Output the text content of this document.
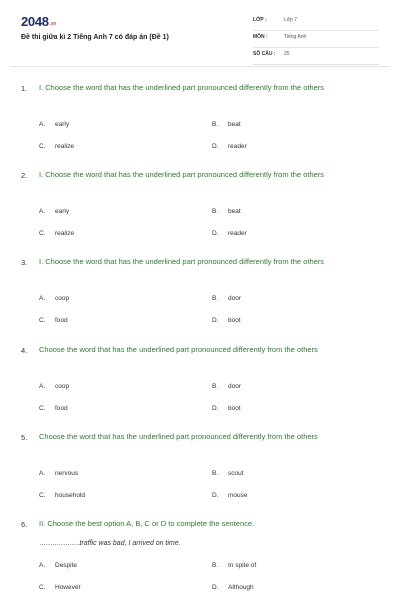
2048.vn
Đề thi giữa kì 2 Tiếng Anh 7 có đáp án (Đề 1)
LỚP :	Lớp 7
MÔN :	Tiếng Anh
SỐ CÂU : 25
1. I. Choose the word that has the underlined part pronounced differently from the others
A. early	B. beat
C. realize	D. reader
2. I. Choose the word that has the underlined part pronounced differently from the others
A. early	B. beat
C. realize	D. reader
3. I. Choose the word that has the underlined part pronounced differently from the others
A. coop	B. door
C. food	D. boot
4. Choose the word that has the underlined part pronounced differently from the others
A. coop	B. door
C. food	D. boot
5. Choose the word that has the underlined part pronounced differently from the others
A. nervous	B. scout
C. household	D. mouse
6. II. Choose the best option A, B, C or D to complete the sentence.
……………….traffic was bad, I arrived on time.
A. Despite	B. In spite of
C. However	D. Although
